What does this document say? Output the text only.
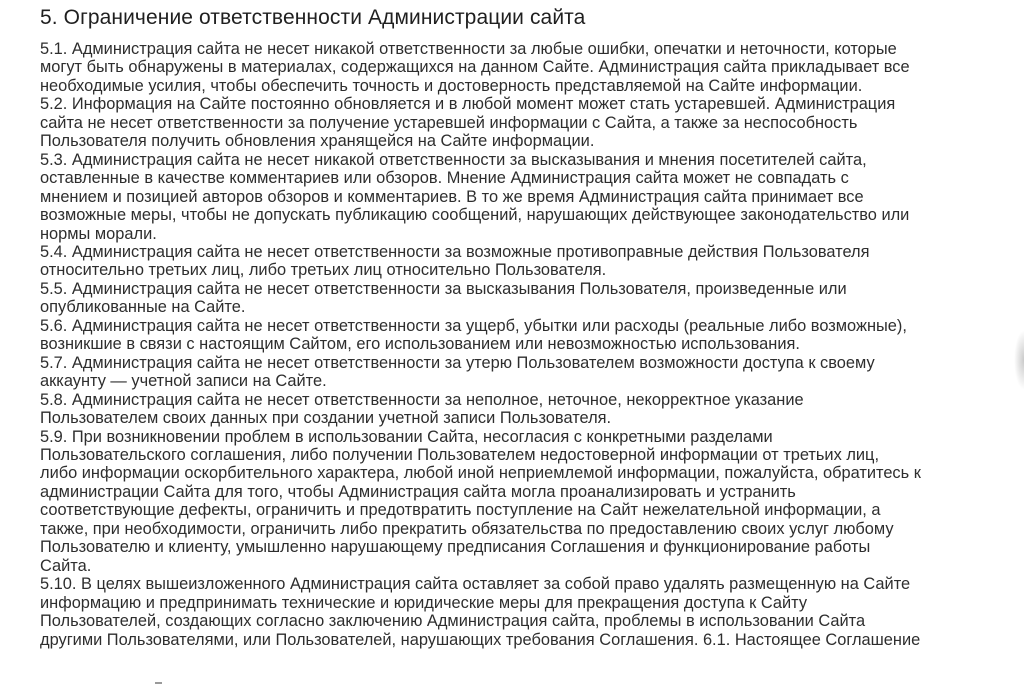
5. Ограничение ответственности Администрации сайта

5.1. Администрация сайта не несет никакой ответственности за любые ошибки, опечатки и неточности, которые
могут быть обнаружены в материалах, содержащихся на данном Сайте. Администрация сайта прикладывает все
необходимые усилия, чтобы обеспечить точность и достоверность представляемой на Сайте информации.

5.2. Информация на Сайте постоянно обновляется и в любой момент может стать устаревшей. Администрация
сайта не несет ответственности за получение устаревшей информации с Сайта, а также за неспособность
Пользователя получить обновления хранящейся на Сайте информации.

5.3. Администрация сайта не несет никакой ответственности за высказывания и мнения посетителей сайта,
оставленные в качестве комментариев или обзоров. Мнение Администрация сайта может не совпадать с
мнением и позицией авторов обзоров и комментариев. В то же время Администрация сайта принимает все
возможные меры, чтобы не допускать публикацию сообщений, нарушающих действующее законодательство или
нормы морали.

5.4. Администрация сайта не несет ответственности за возможные противоправные действия Пользователя
относительно третьих лиц, либо третьих лиц относительно Пользователя.

5.5. Администрация сайта не несет ответственности за высказывания Пользователя, произведенные или
опубликованные на Сайте.

5.6. Администрация сайта не несет ответственности за ущерб, убытки или расходы (реальные либо возможные),
возникшие в связи с настоящим Сайтом, его использованием или невозможностью использования.

5.7. Администрация сайта не несет ответственности за утерю Пользователем возможности доступа к своему
аккаунту — учетной записи на Сайте.

5.8. Администрация сайта не несет ответственности за неполное, неточное, некорректное указание
Пользователем своих данных при создании учетной записи Пользователя.

5.9. При возникновении проблем в использовании Сайта, несогласия с конкретными разделами
Пользовательского соглашения, либо получении Пользователем недостоверной информации от третьих лиц,
либо информации оскорбительного характера, любой иной неприемлемой информации, пожалуйста, обратитесь к
администрации Сайта для того, чтобы Администрация сайта могла проанализировать и устранить
соответствующие дефекты, ограничить и предотвратить поступление на Сайт нежелательной информации, а
также, при необходимости, ограничить либо прекратить обязательства по предоставлению своих услуг любому
Пользователю и клиенту, умышленно нарушающему предписания Соглашения и функционирование работы
Сайта.

5.10. В целях вышеизложенного Администрация сайта оставляет за собой право удалять размещенную на Сайте
информацию и предпринимать технические и юридические меры для прекращения доступа к Сайту
Пользователей, создающих согласно заключению Администрация сайта, проблемы в использовании Сайта
другими Пользователями, или Пользователей, нарушающих требования Соглашения. 6.1. Настоящее Соглашение
